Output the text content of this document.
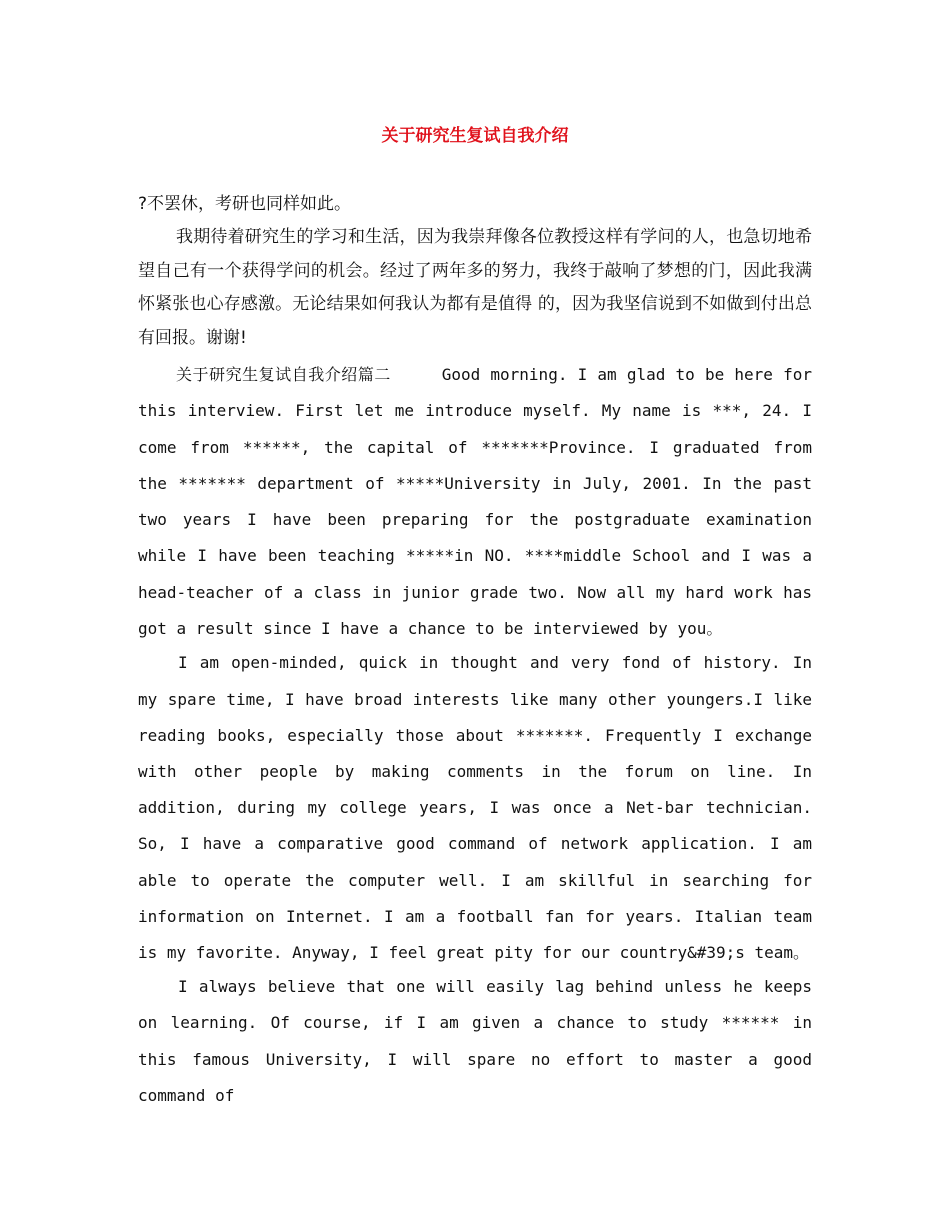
关于研究生复试自我介绍

?不罢休，考研也同样如此。

我期待着研究生的学习和生活，因为我崇拜像各位教授这样有学问的人，也急切地希望自己有一个获得学问的机会。经过了两年多的努力，我终于敲响了梦想的门，因此我满怀紧张也心存感激。无论结果如何我认为都有是值得 的，因为我坚信说到不如做到付出总有回报。谢谢!

关于研究生复试自我介绍篇二	Good morning. I am glad to be here for this interview. First let me introduce myself. My name is ***, 24. I come from ******, the capital of *******Province. I graduated from the ******* department of *****University in July, 2001. In the past two years I have been preparing for the postgraduate examination while I have been teaching *****in NO. ****middle School and I was a head-teacher of a class in junior grade two. Now all my hard work has got a result since I have a chance to be interviewed by you。

I am open-minded, quick in thought and very fond of history. In my spare time, I have broad interests like many other youngers.I like reading books, especially those about *******. Frequently I exchange with other people by making comments in the forum on line. In addition, during my college years, I was once a Net-bar technician. So, I have a comparative good command of network application. I am able to operate the computer well. I am skillful in searching for information on Internet. I am a football fan for years. Italian team is my favorite. Anyway, I feel great pity for our country&#39;s team。

I always believe that one will easily lag behind unless he keeps on learning. Of course, if I am given a chance to study ****** in this famous University, I will spare no effort to master a good command of
